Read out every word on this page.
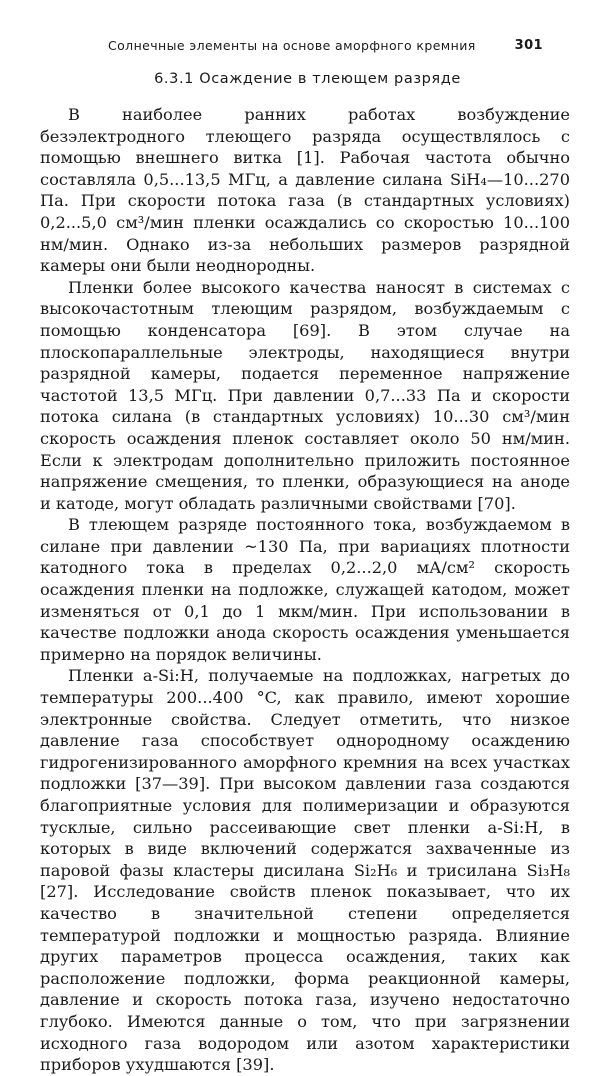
Солнечные элементы на основе аморфного кремния	301
6.3.1 Осаждение в тлеющем разряде

В наиболее ранних работах возбуждение безэлектродного тлеющего разряда осуществлялось с помощью внешнего витка [1]. Рабочая частота обычно составляла 0,5...13,5 МГц, а давление силана SiH₄—10...270 Па. При скорости потока газа (в стандартных условиях) 0,2...5,0 см³/мин пленки осаждались со скоростью 10...100 нм/мин. Однако из-за небольших размеров разрядной камеры они были неоднородны.

Пленки более высокого качества наносят в системах с высокочастотным тлеющим разрядом, возбуждаемым с помощью конденсатора [69]. В этом случае на плоскопараллельные электроды, находящиеся внутри разрядной камеры, подается переменное напряжение частотой 13,5 МГц. При давлении 0,7...33 Па и скорости потока силана (в стандартных условиях) 10...30 см³/мин скорость осаждения пленок составляет около 50 нм/мин. Если к электродам дополнительно приложить постоянное напряжение смещения, то пленки, образующиеся на аноде и катоде, могут обладать различными свойствами [70].

В тлеющем разряде постоянного тока, возбуждаемом в силане при давлении ~130 Па, при вариациях плотности катодного тока в пределах 0,2...2,0 мА/см² скорость осаждения пленки на подложке, служащей катодом, может изменяться от 0,1 до 1 мкм/мин. При использовании в качестве подложки анода скорость осаждения уменьшается примерно на порядок величины.

Пленки a-Si:H, получаемые на подложках, нагретых до температуры 200...400 °C, как правило, имеют хорошие электронные свойства. Следует отметить, что низкое давление газа способствует однородному осаждению гидрогенизированного аморфного кремния на всех участках подложки [37—39]. При высоком давлении газа создаются благоприятные условия для полимеризации и образуются тусклые, сильно рассеивающие свет пленки a-Si:H, в которых в виде включений содержатся захваченные из паровой фазы кластеры дисилана Si₂H₆ и трисилана Si₃H₈ [27]. Исследование свойств пленок показывает, что их качество в значительной степени определяется температурой подложки и мощностью разряда. Влияние других параметров процесса осаждения, таких как расположение подложки, форма реакционной камеры, давление и скорость потока газа, изучено недостаточно глубоко. Имеются данные о том, что при загрязнении исходного газа водородом или азотом характеристики приборов ухудшаются [39].
